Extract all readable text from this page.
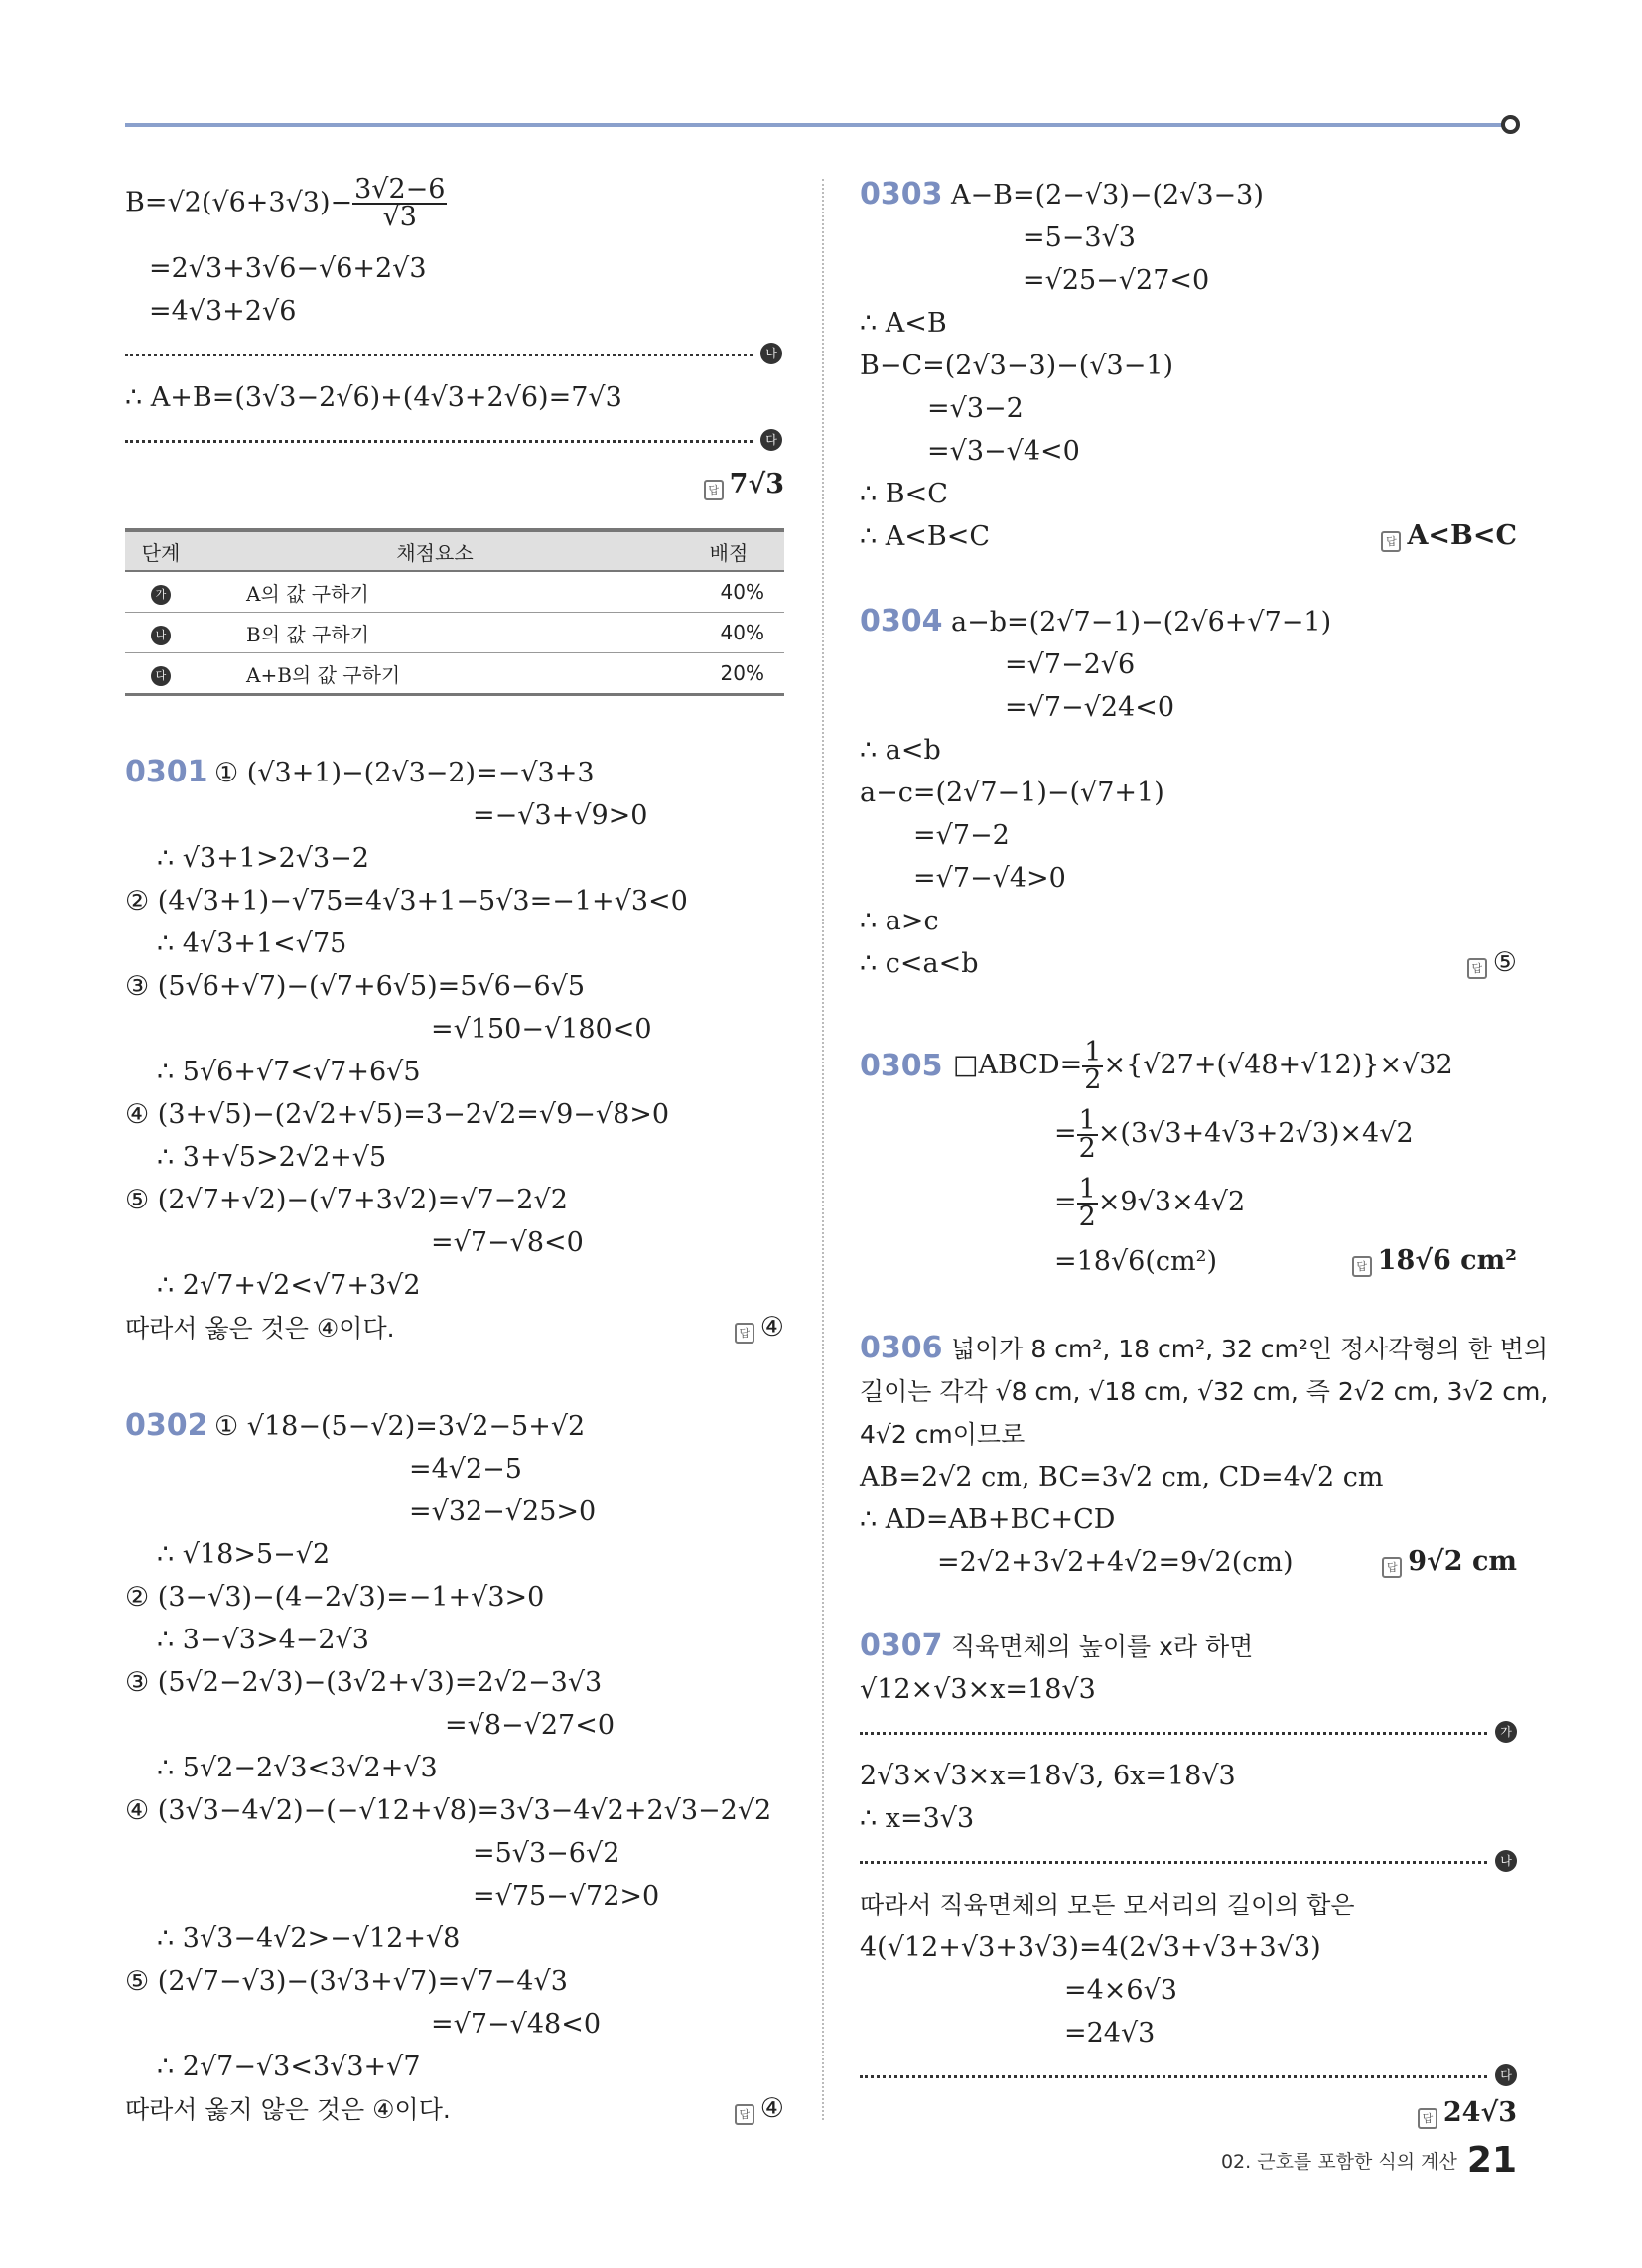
$B=√2(√6+3√3)- \frac{3√2-6}{√3}$
=2√3+3√6−√6+2√3
=4√3+2√6
나
∴ A+B=(3√3−2√6)+(4√3+2√6)=7√3
다
답 7√3
단계	채점요소	배점
가	A의 값 구하기	40%
나	B의 값 구하기	40%
다	A+B의 값 구하기	20%
0301 ① (√3+1)−(2√3−2)=−√3+3
=−√3+√9>0
∴ √3+1>2√3−2
② (4√3+1)−√75=4√3+1−5√3=−1+√3<0
∴ 4√3+1<√75
③ (5√6+√7)−(√7+6√5)=5√6−6√5
=√150−√180<0
∴ 5√6+√7<√7+6√5
④ (3+√5)−(2√2+√5)=3−2√2=√9−√8>0
∴ 3+√5>2√2+√5
⑤ (2√7+√2)−(√7+3√2)=√7−2√2
=√7−√8<0
∴ 2√7+√2<√7+3√2
따라서 옳은 것은 ④이다.	답 ④
0302 ① √18−(5−√2)=3√2−5+√2
=4√2−5
=√32−√25>0
∴ √18>5−√2
② (3−√3)−(4−2√3)=−1+√3>0
∴ 3−√3>4−2√3
③ (5√2−2√3)−(3√2+√3)=2√2−3√3
=√8−√27<0
∴ 5√2−2√3<3√2+√3
④ (3√3−4√2)−(−√12+√8)=3√3−4√2+2√3−2√2
=5√3−6√2
=√75−√72>0
∴ 3√3−4√2>−√12+√8
⑤ (2√7−√3)−(3√3+√7)=√7−4√3
=√7−√48<0
∴ 2√7−√3<3√3+√7
따라서 옳지 않은 것은 ④이다.	답 ④
0303 A−B=(2−√3)−(2√3−3)
=5−3√3
=√25−√27<0
∴ A<B
B−C=(2√3−3)−(√3−1)
=√3−2
=√3−√4<0
∴ B<C
∴ A<B<C	답 A<B<C
0304 a−b=(2√7−1)−(2√6+√7−1)
=√7−2√6
=√7−√24<0
∴ a<b
a−c=(2√7−1)−(√7+1)
=√7−2
=√7−√4>0
∴ a>c
∴ c<a<b	답 ⑤
0305 □ABCD= $\frac{1}{2} \times\{√27+(√48+√12)\}\times√32$
= $\frac{1}{2} \times(3√3+4√3+2√3)\times 4√2$
= $\frac{1}{2} \times 9√3\times 4√2$
=18√6(cm²)	답 18√6 cm²
0306 넓이가 8 cm², 18 cm², 32 cm²인 정사각형의 한 변의
길이는 각각 √8 cm, √18 cm, √32 cm, 즉 2√2 cm, 3√2 cm,
4√2 cm이므로
AB=2√2 cm, BC=3√2 cm, CD=4√2 cm
∴ AD=AB+BC+CD
=2√2+3√2+4√2=9√2(cm)	답 9√2 cm
0307 직육면체의 높이를 x라 하면
√12×√3×x=18√3
가
2√3×√3×x=18√3, 6x=18√3
∴ x=3√3
나
따라서 직육면체의 모든 모서리의 길이의 합은
4(√12+√3+3√3)=4(2√3+√3+3√3)
=4×6√3
=24√3
다
답 24√3
02. 근호를 포함한 식의 계산 21
